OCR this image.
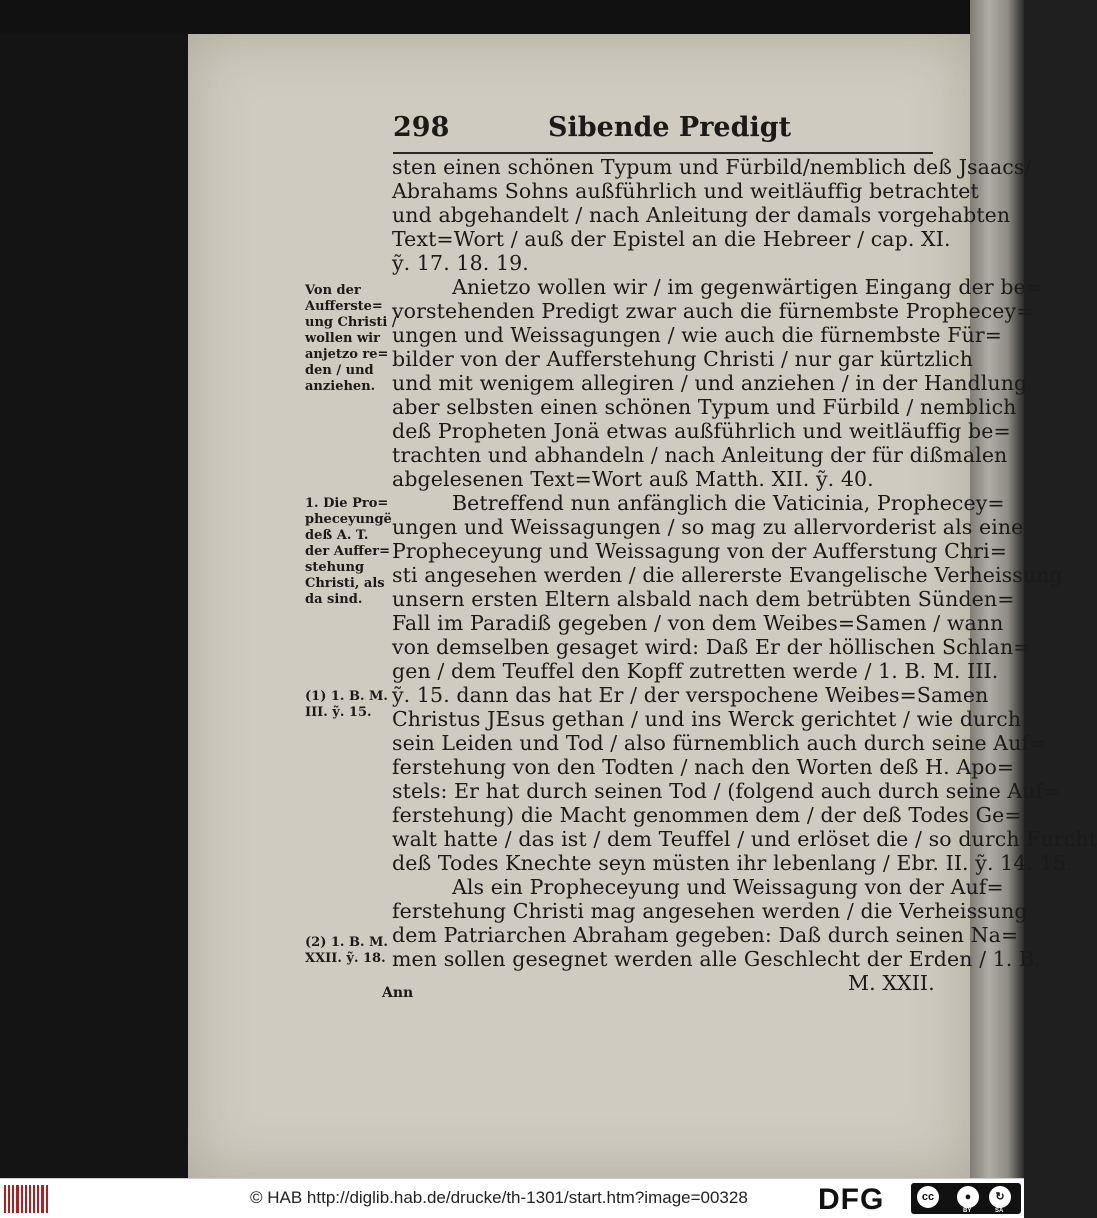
298	Sibende Predigt
sten einen schönen Typum und Fürbild/nemblich deß Jsaacs/
Abrahams Sohns außführlich und weitläuffig betrachtet
und abgehandelt / nach Anleitung der damals vorgehabten
Text=Wort / auß der Epistel an die Hebreer / cap. XI.
ỹ. 17. 18. 19.
Anietzo wollen wir / im gegenwärtigen Eingang der be=
vorstehenden Predigt zwar auch die fürnembste Prophecey=
ungen und Weissagungen / wie auch die fürnembste Für=
bilder von der Aufferstehung Christi / nur gar kürtzlich
und mit wenigem allegiren / und anziehen / in der Handlung
aber selbsten einen schönen Typum und Fürbild / nemblich
deß Propheten Jonä etwas außführlich und weitläuffig be=
trachten und abhandeln / nach Anleitung der für dißmalen
abgelesenen Text=Wort auß Matth. XII. ỹ. 40.
Betreffend nun anfänglich die Vaticinia, Prophecey=
ungen und Weissagungen / so mag zu allervorderist als eine
Propheceyung und Weissagung von der Aufferstung Chri=
sti angesehen werden / die allererste Evangelische Verheissung
unsern ersten Eltern alsbald nach dem betrübten Sünden=
Fall im Paradiß gegeben / von dem Weibes=Samen / wann
von demselben gesaget wird: Daß Er der höllischen Schlan=
gen / dem Teuffel den Kopff zutretten werde / 1. B. M. III.
ỹ. 15. dann das hat Er / der verspochene Weibes=Samen
Christus JEsus gethan / und ins Werck gerichtet / wie durch
sein Leiden und Tod / also fürnemblich auch durch seine Auf=
ferstehung von den Todten / nach den Worten deß H. Apo=
stels: Er hat durch seinen Tod / (folgend auch durch seine Auf=
ferstehung) die Macht genommen dem / der deß Todes Ge=
walt hatte / das ist / dem Teuffel / und erlöset die / so durch Furcht
deß Todes Knechte seyn müsten ihr lebenlang / Ebr. II. ỹ. 14. 15.
Als ein Propheceyung und Weissagung von der Auf=
ferstehung Christi mag angesehen werden / die Verheissung
dem Patriarchen Abraham gegeben: Daß durch seinen Na=
men sollen gesegnet werden alle Geschlecht der Erden / 1. B.
M. XXII.
Von der
Aufferste=
ung Christi /
wollen wir
anjetzo re=
den / und
anziehen.
1. Die Pro=
pheceyungë
deß A. T.
der Auffer=
stehung
Christi, als
da sind.
(1) 1. B. M.
III. ỹ. 15.
(2) 1. B. M.
XXII. ỹ. 18.
Ann
© HAB http://diglib.hab.de/drucke/th-1301/start.htm?image=00328 DFG	cc	●	↻
BY	SA
